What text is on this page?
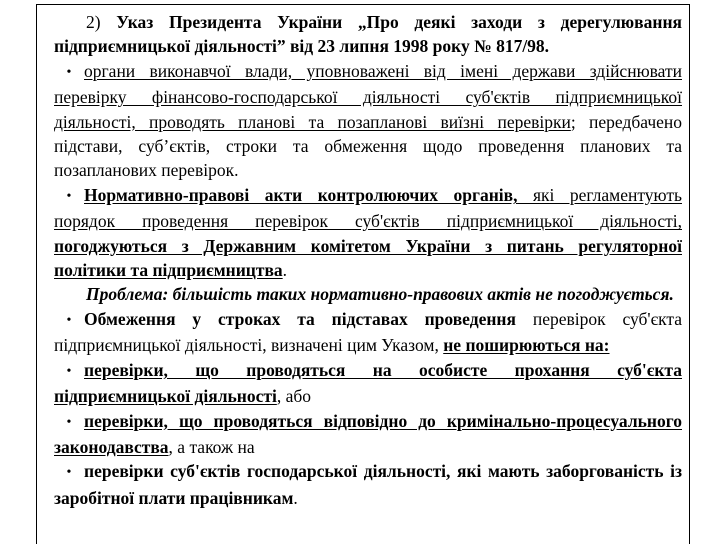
2) Указ Президента України „Про деякі заходи з дерегулювання підприємницької діяльності” від 23 липня 1998 року № 817/98.

• органи виконавчої влади, уповноважені від імені держави здійснювати перевірку фінансово-господарської діяльності суб'єктів підприємницької діяльності, проводять планові та позапланові виїзні перевірки; передбачено підстави, суб’єктів, строки та обмеження щодо проведення планових та позапланових перевірок.

• Нормативно-правові акти контролюючих органів, які регламентують порядок проведення перевірок суб'єктів підприємницької діяльності, погоджуються з Державним комітетом України з питань регуляторної політики та підприємництва.

Проблема: більшість таких нормативно-правових актів не погоджується.

• Обмеження у строках та підставах проведення перевірок суб'єкта підприємницької діяльності, визначені цим Указом, не поширюються на:

• перевірки, що проводяться на особисте прохання суб'єкта підприємницької діяльності, або

• перевірки, що проводяться відповідно до кримінально-процесуального законодавства, а також на

• перевірки суб'єктів господарської діяльності, які мають заборгованість із заробітної плати працівникам.
